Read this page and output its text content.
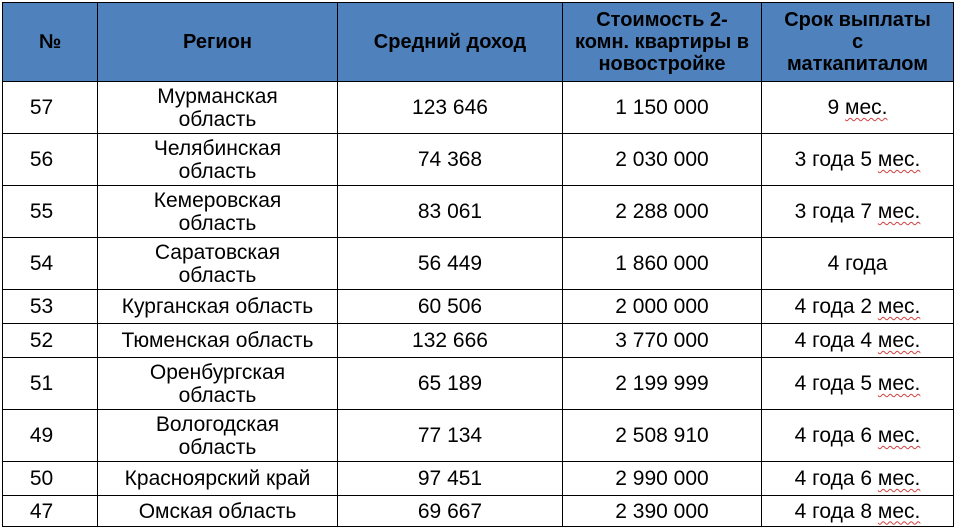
№	Регион	Средний доход	Стоимость 2-
комн. квартиры в
новостройке	Срок выплаты
с
маткапиталом

57	Мурманская область	123 646	1 150 000	9 мес.
56	Челябинская область	74 368	2 030 000	3 года 5 мес.
55	Кемеровская область	83 061	2 288 000	3 года 7 мес.
54	Саратовская область	56 449	1 860 000	4 года
53	Курганская область	60 506	2 000 000	4 года 2 мес.
52	Тюменская область	132 666	3 770 000	4 года 4 мес.
51	Оренбургская область	65 189	2 199 999	4 года 5 мес.
49	Вологодская область	77 134	2 508 910	4 года 6 мес.
50	Красноярский край	97 451	2 990 000	4 года 6 мес.
47	Омская область	69 667	2 390 000	4 года 8 мес.
